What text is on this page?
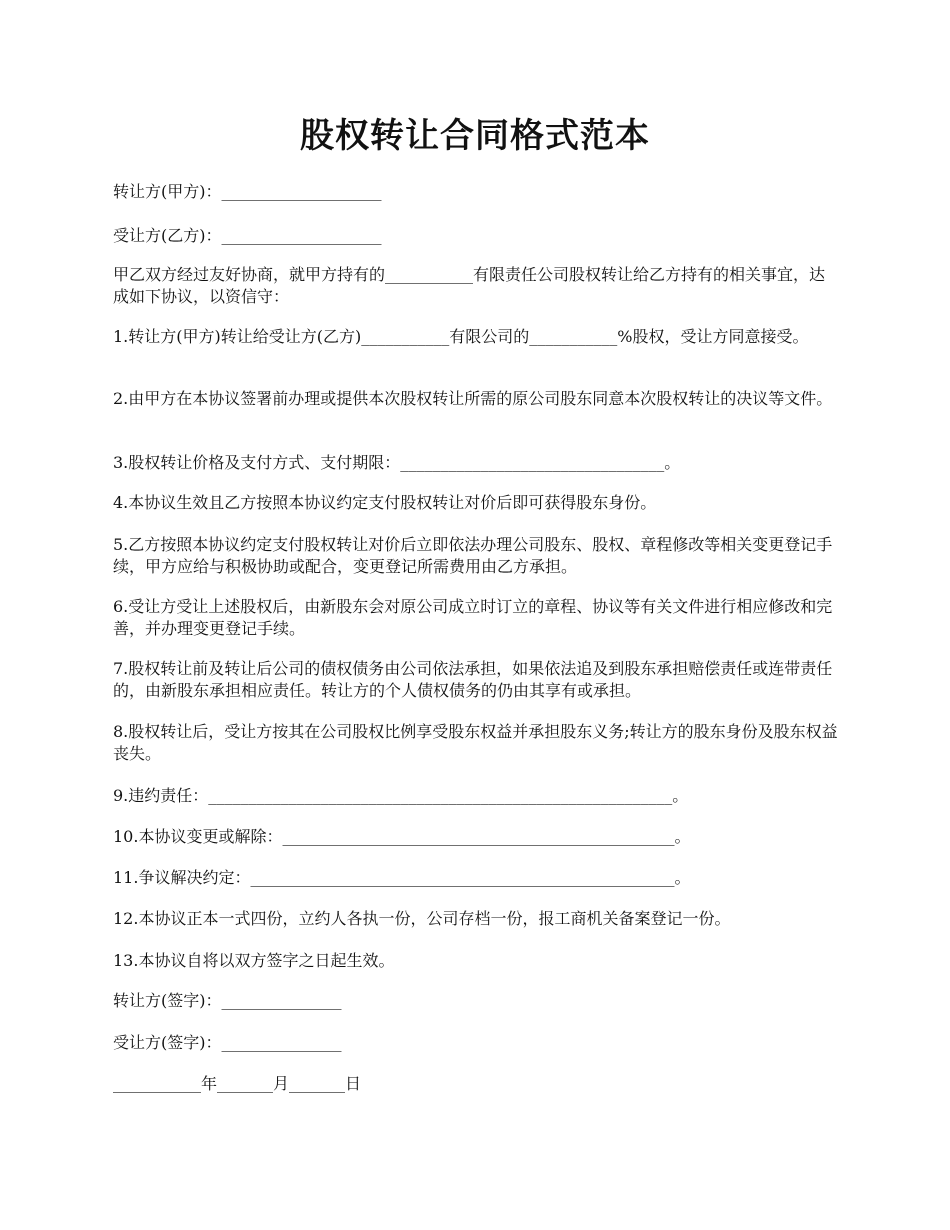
股权转让合同格式范本
转让方(甲方)：____________________
受让方(乙方)：____________________
甲乙双方经过友好协商，就甲方持有的___________有限责任公司股权转让给乙方持有的相关事宜，达成如下协议，以资信守：
1.转让方(甲方)转让给受让方(乙方)___________有限公司的___________%股权，受让方同意接受。
2.由甲方在本协议签署前办理或提供本次股权转让所需的原公司股东同意本次股权转让的决议等文件。
3.股权转让价格及支付方式、支付期限：_________________________________。
4.本协议生效且乙方按照本协议约定支付股权转让对价后即可获得股东身份。
5.乙方按照本协议约定支付股权转让对价后立即依法办理公司股东、股权、章程修改等相关变更登记手续，甲方应给与积极协助或配合，变更登记所需费用由乙方承担。
6.受让方受让上述股权后，由新股东会对原公司成立时订立的章程、协议等有关文件进行相应修改和完善，并办理变更登记手续。
7.股权转让前及转让后公司的债权债务由公司依法承担，如果依法追及到股东承担赔偿责任或连带责任的，由新股东承担相应责任。转让方的个人债权债务的仍由其享有或承担。
8.股权转让后，受让方按其在公司股权比例享受股东权益并承担股东义务;转让方的股东身份及股东权益丧失。
9.违约责任：__________________________________________________________。
10.本协议变更或解除：_________________________________________________。
11.争议解决约定：_____________________________________________________。
12.本协议正本一式四份，立约人各执一份，公司存档一份，报工商机关备案登记一份。
13.本协议自将以双方签字之日起生效。
转让方(签字)：_______________
受让方(签字)：_______________
___________年_______月_______日
